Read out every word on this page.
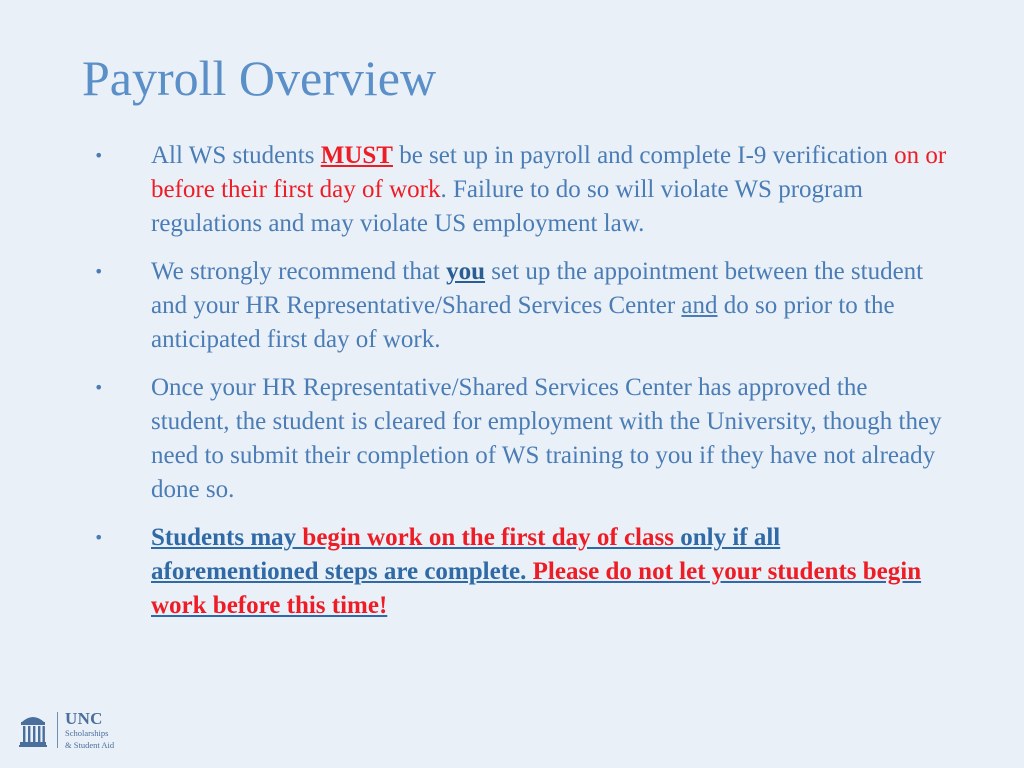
Payroll Overview
• All WS students MUST be set up in payroll and complete I-9 verification on or before their first day of work. Failure to do so will violate WS program regulations and may violate US employment law.
• We strongly recommend that you set up the appointment between the student and your HR Representative/Shared Services Center and do so prior to the anticipated first day of work.
• Once your HR Representative/Shared Services Center has approved the student, the student is cleared for employment with the University, though they need to submit their completion of WS training to you if they have not already done so.
• Students may begin work on the first day of class only if all aforementioned steps are complete. Please do not let your students begin work before this time!
UNC
Scholarships
& Student Aid
